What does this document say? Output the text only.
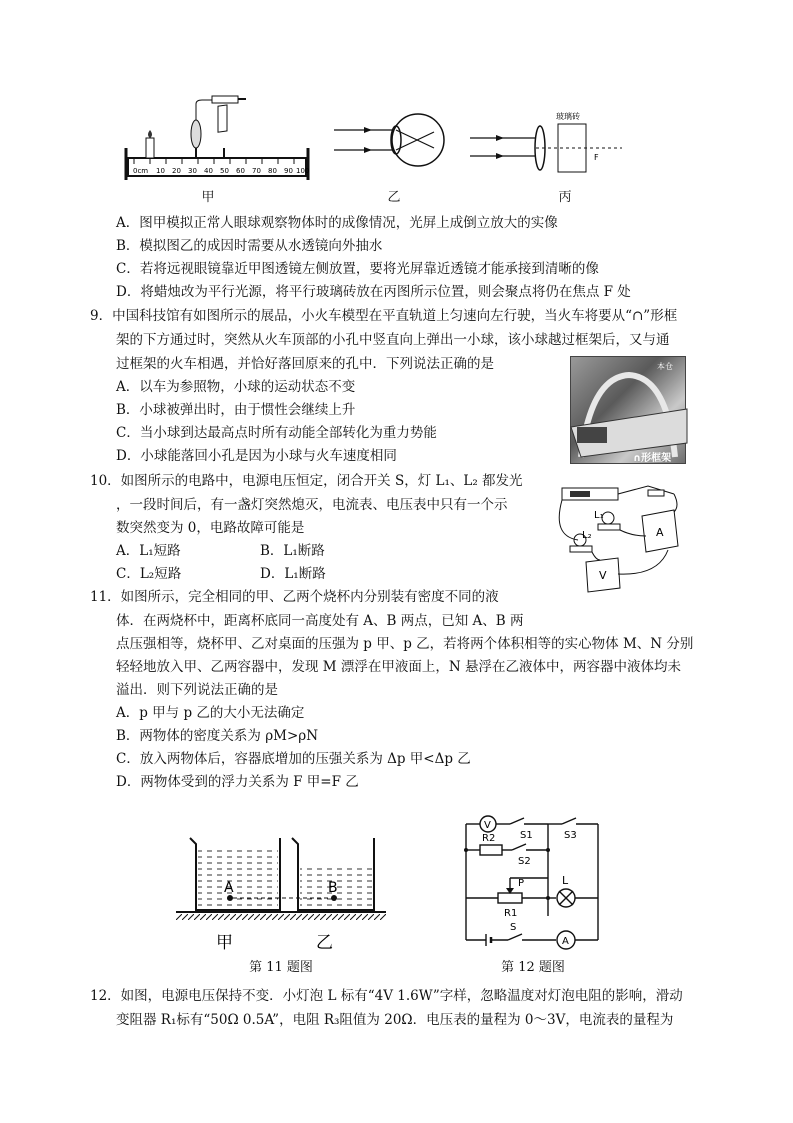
0cm 10 20 30 40 50 60 70 80 90 100
甲	乙
玻璃砖
F
丙
A．图甲模拟正常人眼球观察物体时的成像情况，光屏上成倒立放大的实像
B．模拟图乙的成因时需要从水透镜向外抽水
C．若将远视眼镜靠近甲图透镜左侧放置，要将光屏靠近透镜才能承接到清晰的像
D．将蜡烛改为平行光源，将平行玻璃砖放在丙图所示位置，则会聚点将仍在焦点 F 处
9．中国科技馆有如图所示的展品，小火车模型在平直轨道上匀速向左行驶，当火车将要从“∩”形框
架的下方通过时，突然从火车顶部的小孔中竖直向上弹出一小球，该小球越过框架后，又与通
过框架的火车相遇，并恰好落回原来的孔中．下列说法正确的是
A．以车为参照物，小球的运动状态不变
B．小球被弹出时，由于惯性会继续上升
C．当小球到达最高点时所有动能全部转化为重力势能
D．小球能落回小孔是因为小球与火车速度相同
本仓
∩形框架
10．如图所示的电路中，电源电压恒定，闭合开关 S，灯 L₁、L₂ 都发光
，一段时间后，有一盏灯突然熄灭，电流表、电压表中只有一个示
数突然变为 0，电路故障可能是
A．L₁短路	B．L₁断路
C．L₂短路	D．L₁断路
L₁
L₂	A
V
11．如图所示，完全相同的甲、乙两个烧杯内分别装有密度不同的液
体．在两烧杯中，距离杯底同一高度处有 A、B 两点，已知 A、B 两
点压强相等，烧杯甲、乙对桌面的压强为 p 甲、p 乙，若将两个体积相等的实心物体 M、N 分别
轻轻地放入甲、乙两容器中，发现 M 漂浮在甲液面上，N 悬浮在乙液体中，两容器中液体均未
溢出．则下列说法正确的是
A．p 甲与 p 乙的大小无法确定
B．两物体的密度关系为 ρM>ρN
C．放入两物体后，容器底增加的压强关系为 Δp 甲<Δp 乙
D．两物体受到的浮力关系为 F 甲=F 乙
A	B
甲	乙
第 11 题图
V
S1	S3
R2
S2
P
R1
L
S
A
第 12 题图
12．如图，电源电压保持不变．小灯泡 L 标有“4V 1.6W”字样，忽略温度对灯泡电阻的影响，滑动
变阻器 R₁标有“50Ω 0.5A”，电阻 R₃阻值为 20Ω．电压表的量程为 0～3V，电流表的量程为
